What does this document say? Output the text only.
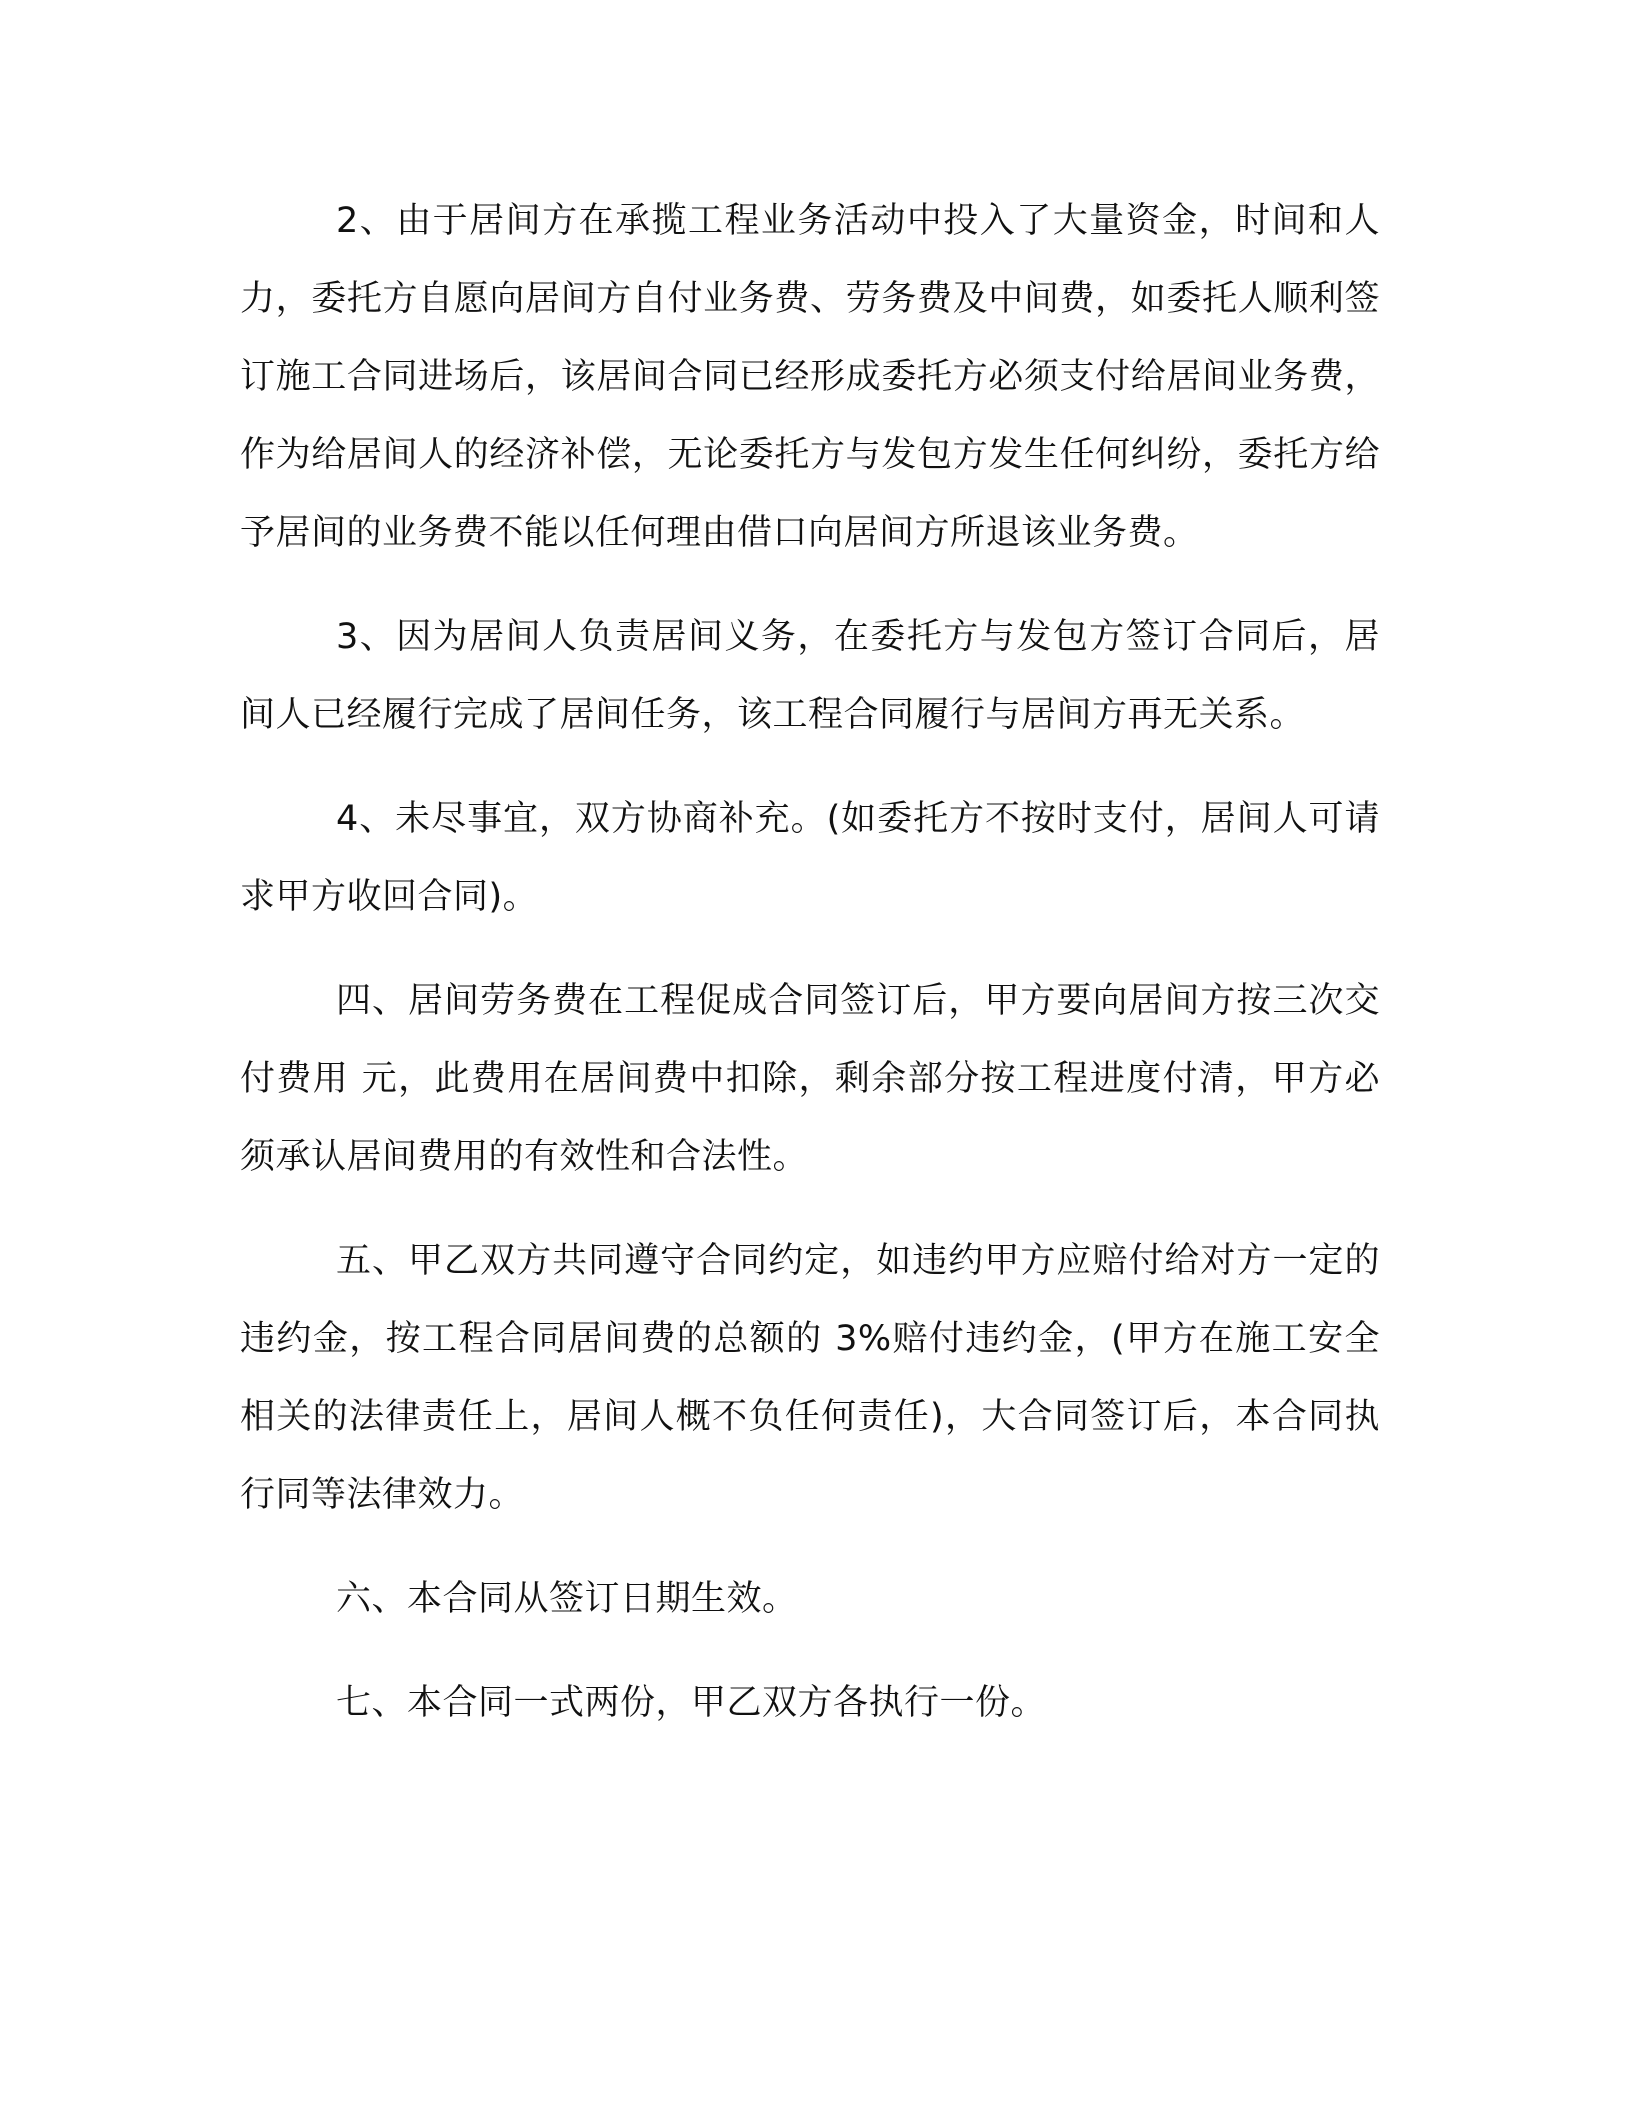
2、由于居间方在承揽工程业务活动中投入了大量资金，时间和人力，委托方自愿向居间方自付业务费、劳务费及中间费，如委托人顺利签订施工合同进场后，该居间合同已经形成委托方必须支付给居间业务费，作为给居间人的经济补偿，无论委托方与发包方发生任何纠纷，委托方给予居间的业务费不能以任何理由借口向居间方所退该业务费。

3、因为居间人负责居间义务，在委托方与发包方签订合同后，居间人已经履行完成了居间任务，该工程合同履行与居间方再无关系。

4、未尽事宜，双方协商补充。(如委托方不按时支付，居间人可请求甲方收回合同)。

四、居间劳务费在工程促成合同签订后，甲方要向居间方按三次交付费用 元，此费用在居间费中扣除，剩余部分按工程进度付清，甲方必须承认居间费用的有效性和合法性。

五、甲乙双方共同遵守合同约定，如违约甲方应赔付给对方一定的违约金，按工程合同居间费的总额的 3%赔付违约金，(甲方在施工安全相关的法律责任上，居间人概不负任何责任)，大合同签订后，本合同执行同等法律效力。

六、本合同从签订日期生效。

七、本合同一式两份，甲乙双方各执行一份。
